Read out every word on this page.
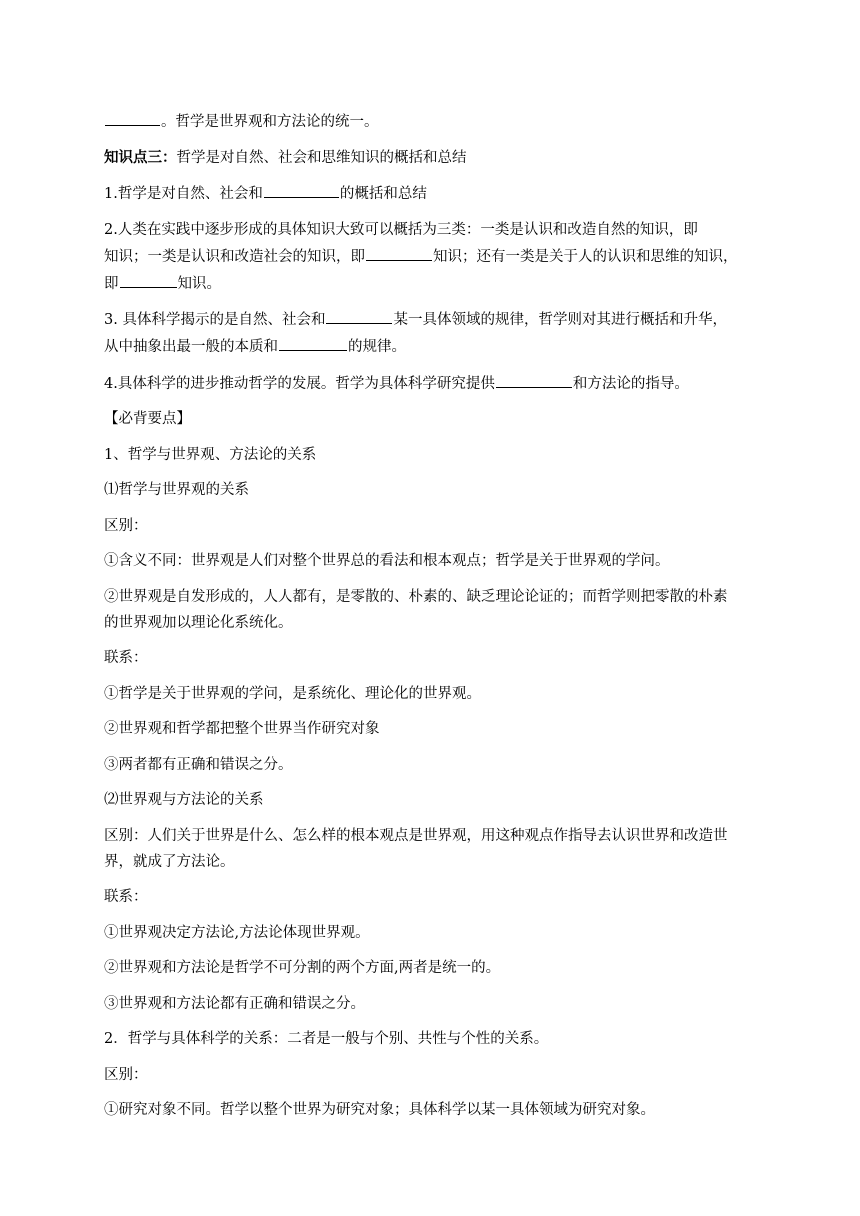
。哲学是世界观和方法论的统一。
知识点三：哲学是对自然、社会和思维知识的概括和总结
1.哲学是对自然、社会和	的概括和总结
2.人类在实践中逐步形成的具体知识大致可以概括为三类：一类是认识和改造自然的知识，即
知识；一类是认识和改造社会的知识，即	知识；还有一类是关于人的认识和思维的知识，
即	知识。
3. 具体科学揭示的是自然、社会和	某一具体领域的规律，哲学则对其进行概括和升华，
从中抽象出最一般的本质和	的规律。
4.具体科学的进步推动哲学的发展。哲学为具体科学研究提供	和方法论的指导。
【必背要点】
1、哲学与世界观、方法论的关系
⑴哲学与世界观的关系
区别：
①含义不同：世界观是人们对整个世界总的看法和根本观点；哲学是关于世界观的学问。
②世界观是自发形成的，人人都有，是零散的、朴素的、缺乏理论论证的；而哲学则把零散的朴素
的世界观加以理论化系统化。
联系：
①哲学是关于世界观的学问，是系统化、理论化的世界观。
②世界观和哲学都把整个世界当作研究对象
③两者都有正确和错误之分。
⑵世界观与方法论的关系
区别：人们关于世界是什么、怎么样的根本观点是世界观，用这种观点作指导去认识世界和改造世
界，就成了方法论。
联系：
①世界观决定方法论,方法论体现世界观。
②世界观和方法论是哲学不可分割的两个方面,两者是统一的。
③世界观和方法论都有正确和错误之分。
2．哲学与具体科学的关系：二者是一般与个别、共性与个性的关系。
区别：
①研究对象不同。哲学以整个世界为研究对象；具体科学以某一具体领域为研究对象。
